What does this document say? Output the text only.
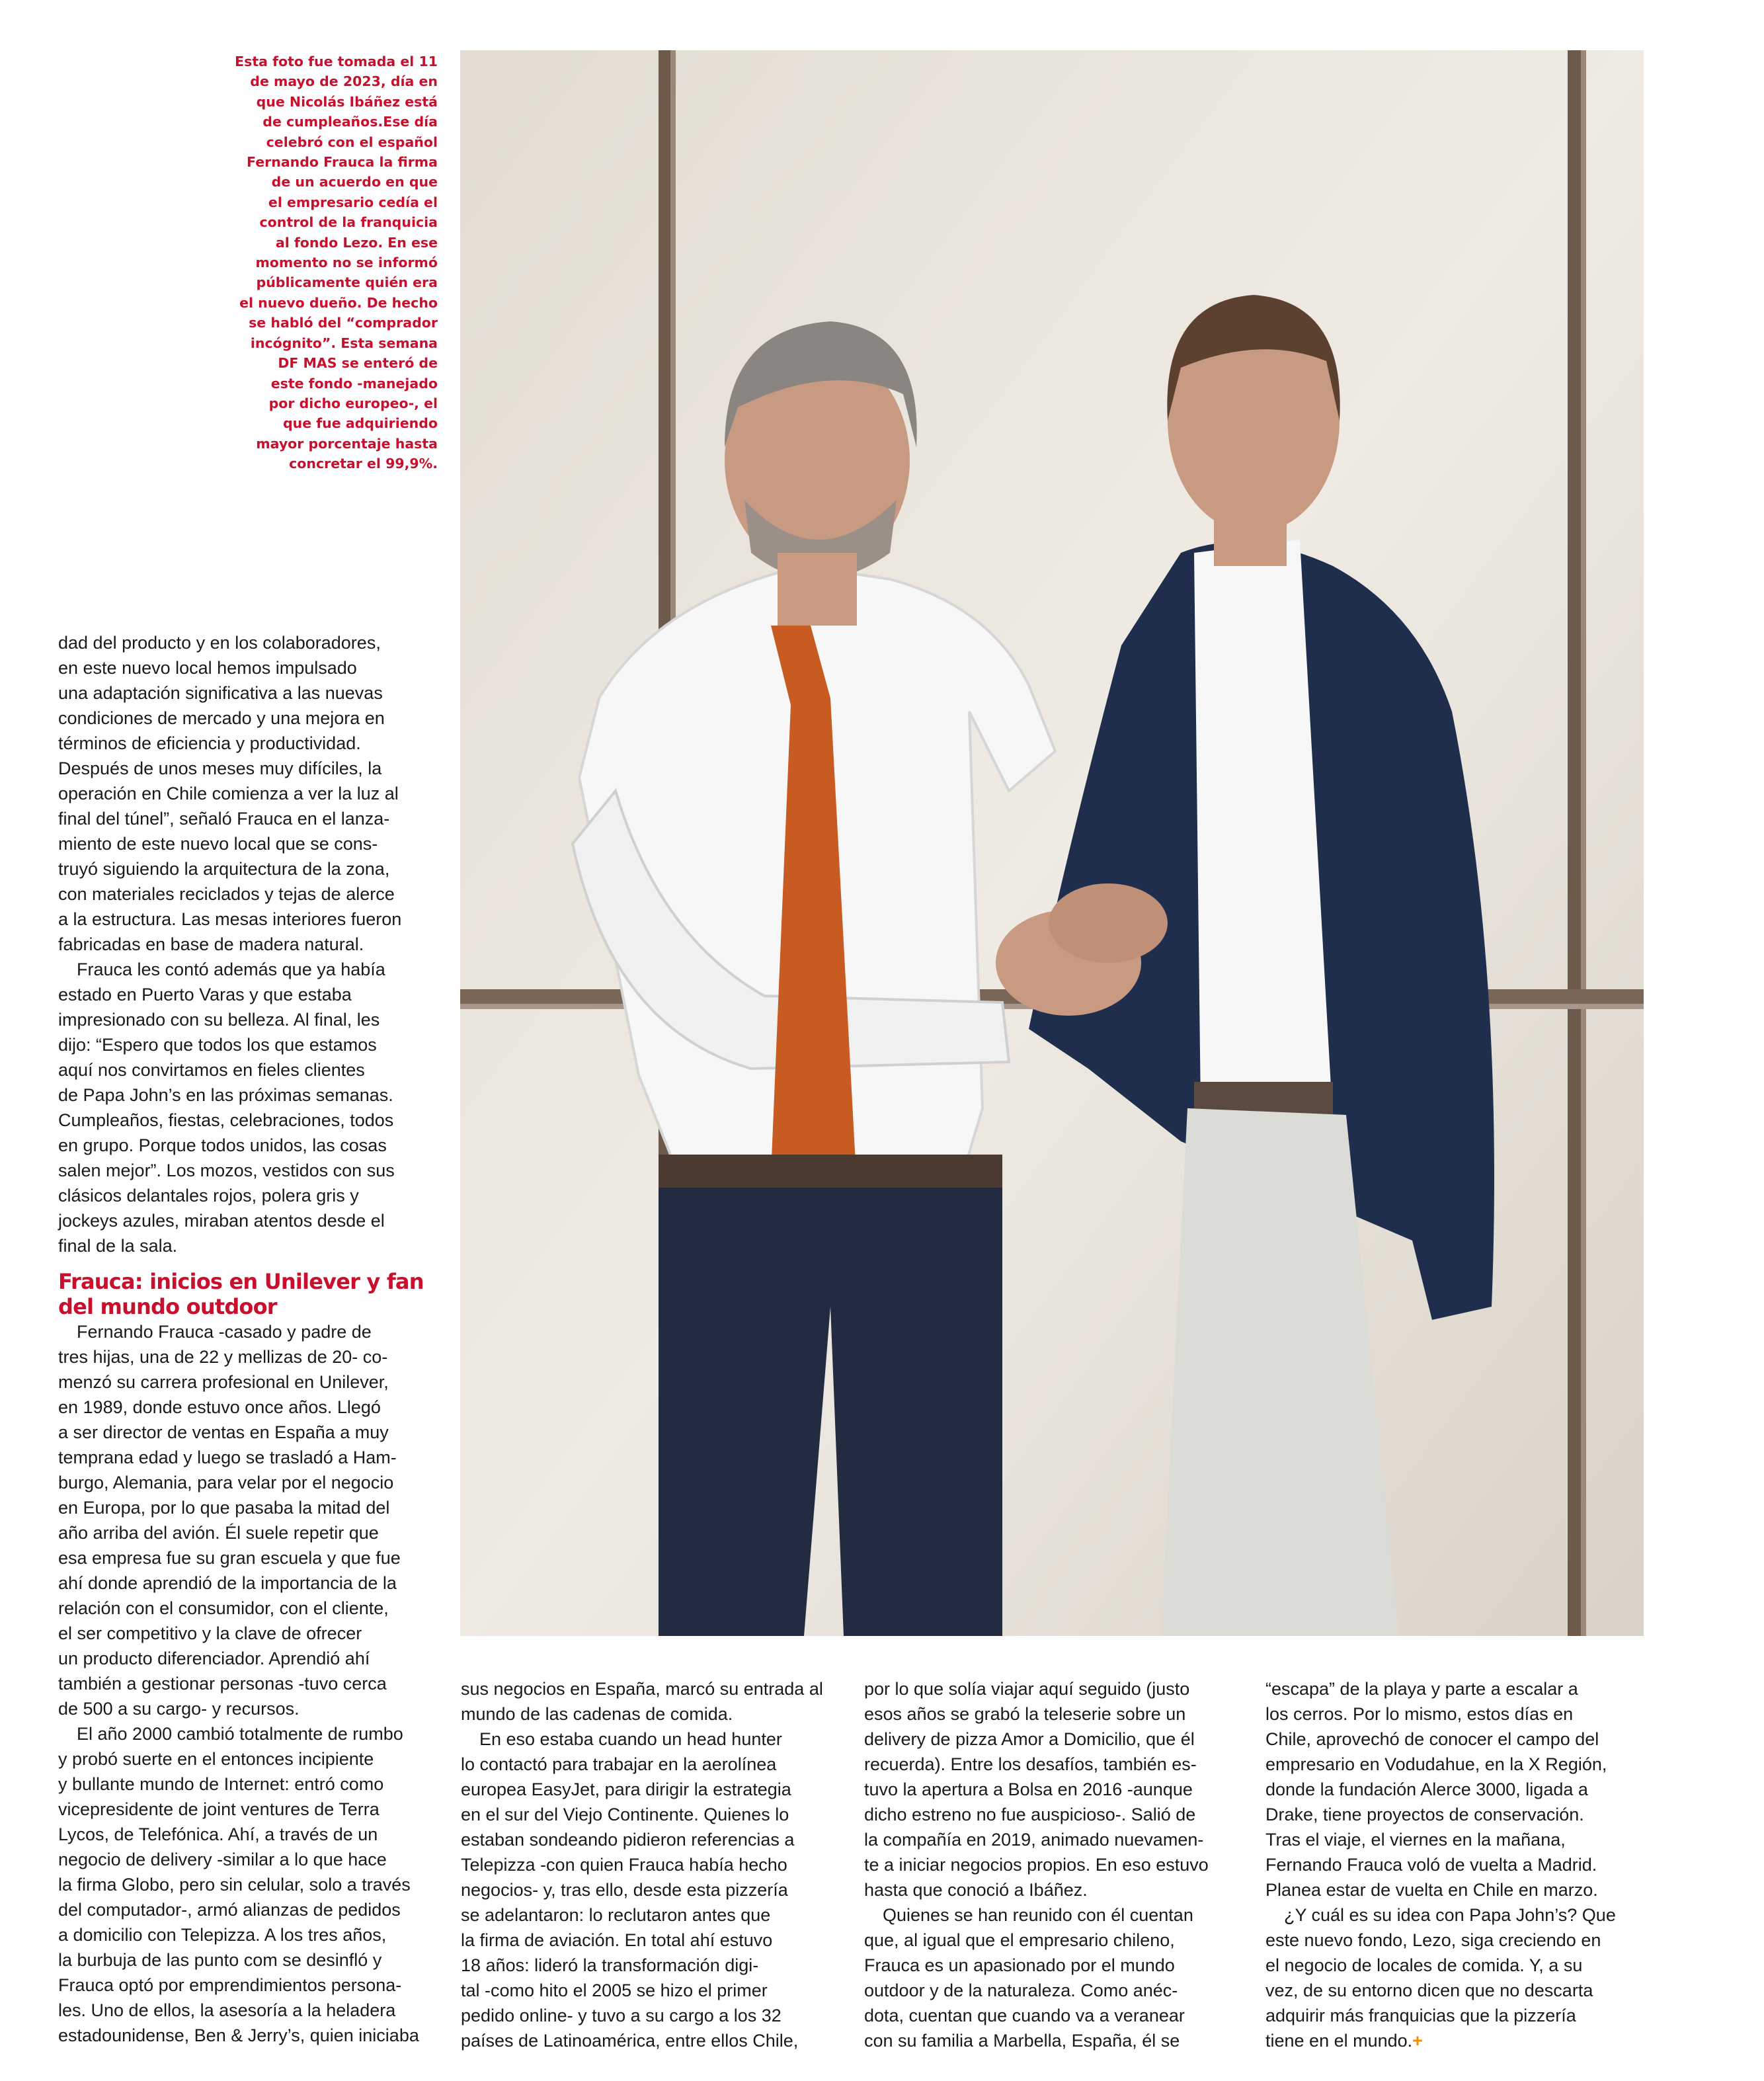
Esta foto fue tomada el 11
de mayo de 2023, día en
que Nicolás Ibáñez está
de cumpleaños.Ese día
celebró con el español
Fernando Frauca la firma
de un acuerdo en que
el empresario cedía el
control de la franquicia
al fondo Lezo. En ese
momento no se informó
públicamente quién era
el nuevo dueño. De hecho
se habló del “comprador
incógnito”. Esta semana
DF MAS se enteró de
este fondo -manejado
por dicho europeo-, el
que fue adquiriendo
mayor porcentaje hasta
concretar el 99,9%.
dad del producto y en los colaboradores,
en este nuevo local hemos impulsado
una adaptación significativa a las nuevas
condiciones de mercado y una mejora en
términos de eficiencia y productividad.
Después de unos meses muy difíciles, la
operación en Chile comienza a ver la luz al
final del túnel”, señaló Frauca en el lanza-
miento de este nuevo local que se cons-
truyó siguiendo la arquitectura de la zona,
con materiales reciclados y tejas de alerce
a la estructura. Las mesas interiores fueron
fabricadas en base de madera natural.
Frauca les contó además que ya había
estado en Puerto Varas y que estaba
impresionado con su belleza. Al final, les
dijo: “Espero que todos los que estamos
aquí nos convirtamos en fieles clientes
de Papa John’s en las próximas semanas.
Cumpleaños, fiestas, celebraciones, todos
en grupo. Porque todos unidos, las cosas
salen mejor”. Los mozos, vestidos con sus
clásicos delantales rojos, polera gris y
jockeys azules, miraban atentos desde el
final de la sala.
Frauca: inicios en Unilever y fan
del mundo outdoor
Fernando Frauca -casado y padre de
tres hijas, una de 22 y mellizas de 20- co-
menzó su carrera profesional en Unilever,
en 1989, donde estuvo once años. Llegó
a ser director de ventas en España a muy
temprana edad y luego se trasladó a Ham-
burgo, Alemania, para velar por el negocio
en Europa, por lo que pasaba la mitad del
año arriba del avión. Él suele repetir que
esa empresa fue su gran escuela y que fue
ahí donde aprendió de la importancia de la
relación con el consumidor, con el cliente,
el ser competitivo y la clave de ofrecer
un producto diferenciador. Aprendió ahí
también a gestionar personas -tuvo cerca
de 500 a su cargo- y recursos.
El año 2000 cambió totalmente de rumbo
y probó suerte en el entonces incipiente
y bullante mundo de Internet: entró como
vicepresidente de joint ventures de Terra
Lycos, de Telefónica. Ahí, a través de un
negocio de delivery -similar a lo que hace
la firma Globo, pero sin celular, solo a través
del computador-, armó alianzas de pedidos
a domicilio con Telepizza. A los tres años,
la burbuja de las punto com se desinfló y
Frauca optó por emprendimientos persona-
les. Uno de ellos, la asesoría a la heladera
estadounidense, Ben & Jerry’s, quien iniciaba
sus negocios en España, marcó su entrada al
mundo de las cadenas de comida.
En eso estaba cuando un head hunter
lo contactó para trabajar en la aerolínea
europea EasyJet, para dirigir la estrategia
en el sur del Viejo Continente. Quienes lo
estaban sondeando pidieron referencias a
Telepizza -con quien Frauca había hecho
negocios- y, tras ello, desde esta pizzería
se adelantaron: lo reclutaron antes que
la firma de aviación. En total ahí estuvo
18 años: lideró la transformación digi-
tal -como hito el 2005 se hizo el primer
pedido online- y tuvo a su cargo a los 32
países de Latinoamérica, entre ellos Chile,
por lo que solía viajar aquí seguido (justo
esos años se grabó la teleserie sobre un
delivery de pizza Amor a Domicilio, que él
recuerda). Entre los desafíos, también es-
tuvo la apertura a Bolsa en 2016 -aunque
dicho estreno no fue auspicioso-. Salió de
la compañía en 2019, animado nuevamen-
te a iniciar negocios propios. En eso estuvo
hasta que conoció a Ibáñez.
Quienes se han reunido con él cuentan
que, al igual que el empresario chileno,
Frauca es un apasionado por el mundo
outdoor y de la naturaleza. Como anéc-
dota, cuentan que cuando va a veranear
con su familia a Marbella, España, él se
“escapa” de la playa y parte a escalar a
los cerros. Por lo mismo, estos días en
Chile, aprovechó de conocer el campo del
empresario en Vodudahue, en la X Región,
donde la fundación Alerce 3000, ligada a
Drake, tiene proyectos de conservación.
Tras el viaje, el viernes en la mañana,
Fernando Frauca voló de vuelta a Madrid.
Planea estar de vuelta en Chile en marzo.
¿Y cuál es su idea con Papa John’s? Que
este nuevo fondo, Lezo, siga creciendo en
el negocio de locales de comida. Y, a su
vez, de su entorno dicen que no descarta
adquirir más franquicias que la pizzería
tiene en el mundo.+
